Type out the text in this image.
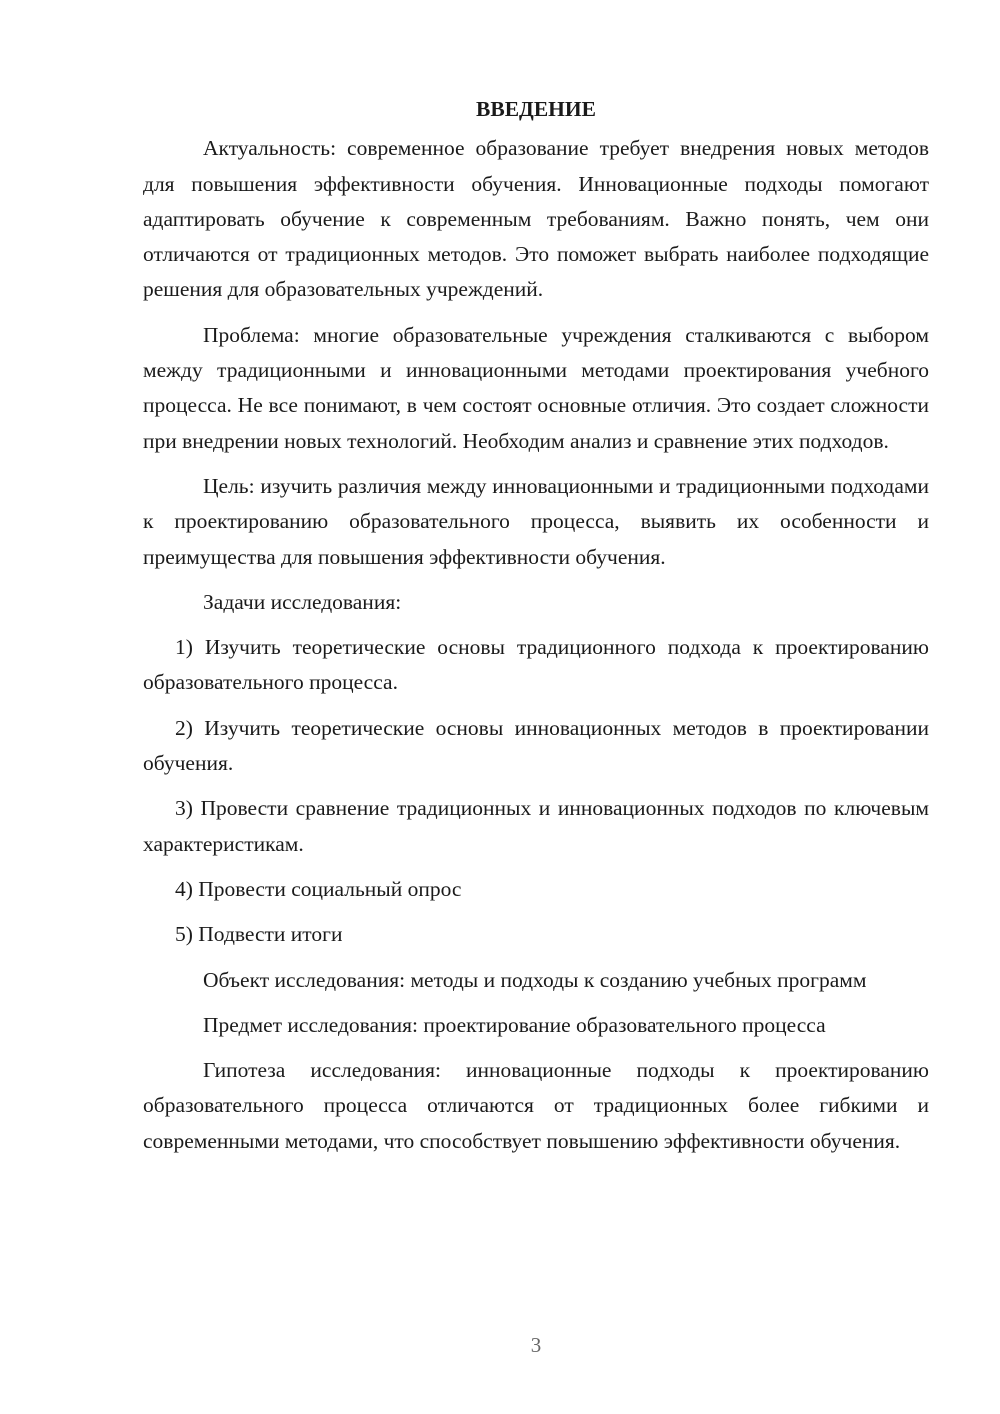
ВВЕДЕНИЕ

Актуальность: современное образование требует внедрения новых методов для повышения эффективности обучения. Инновационные подходы помогают адаптировать обучение к современным требованиям. Важно понять, чем они отличаются от традиционных методов. Это поможет выбрать наиболее подходящие решения для образовательных учреждений.

Проблема: многие образовательные учреждения сталкиваются с выбором между традиционными и инновационными методами проектирования учебного процесса. Не все понимают, в чем состоят основные отличия. Это создает сложности при внедрении новых технологий. Необходим анализ и сравнение этих подходов.

Цель: изучить различия между инновационными и традиционными подходами к проектированию образовательного процесса, выявить их особенности и преимущества для повышения эффективности обучения.

Задачи исследования:

1) Изучить теоретические основы традиционного подхода к проектированию образовательного процесса.

2) Изучить теоретические основы инновационных методов в проектировании обучения.

3) Провести сравнение традиционных и инновационных подходов по ключевым характеристикам.

4) Провести социальный опрос

5) Подвести итоги

Объект исследования: методы и подходы к созданию учебных программ

Предмет исследования: проектирование образовательного процесса

Гипотеза исследования: инновационные подходы к проектированию образовательного процесса отличаются от традиционных более гибкими и современными методами, что способствует повышению эффективности обучения.

3
